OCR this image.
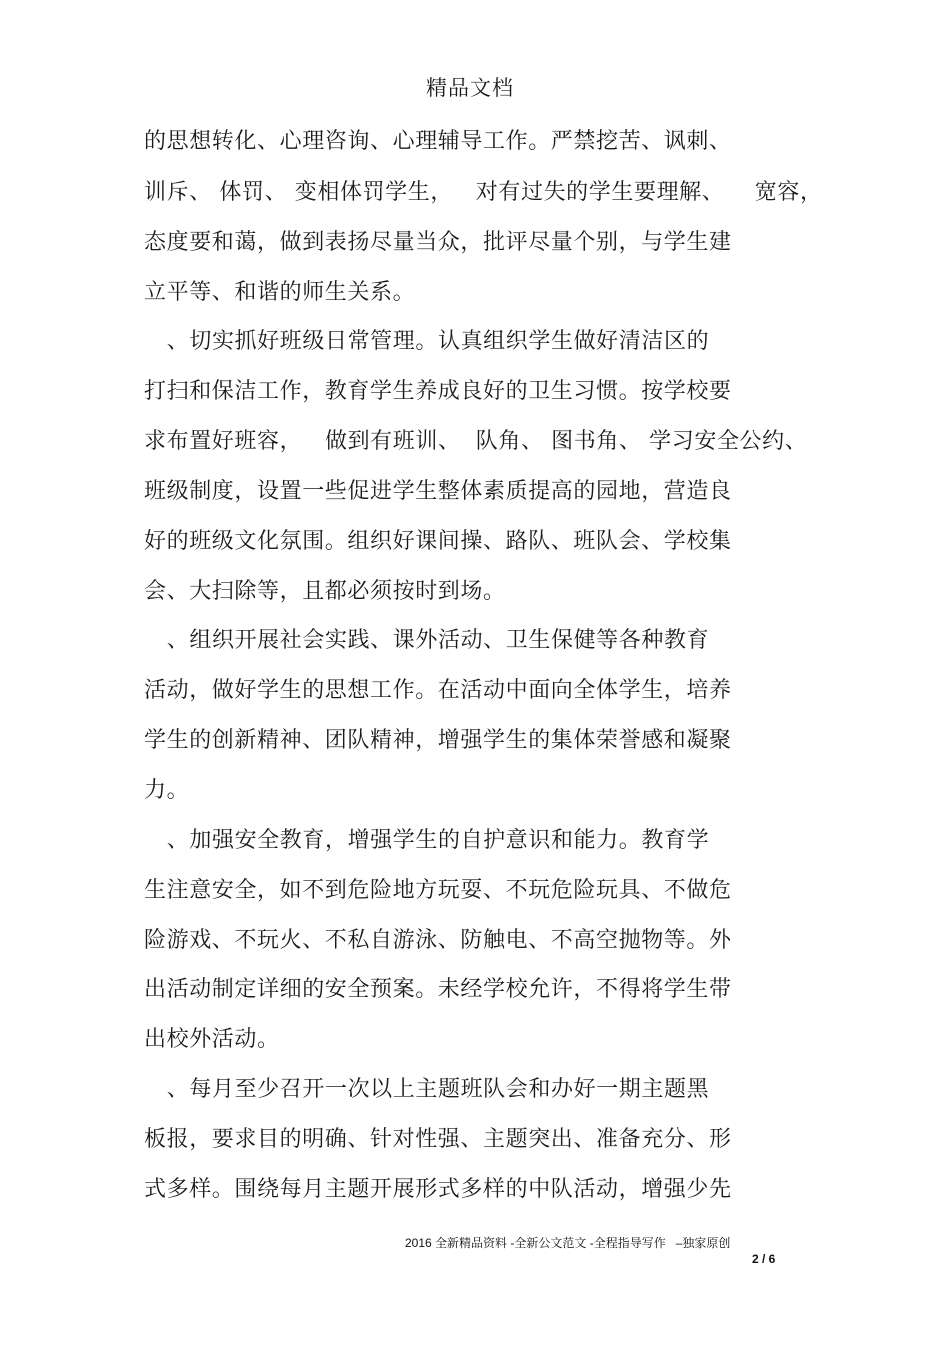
精品文档
的思想转化、心理咨询、心理辅导工作。严禁挖苦、讽刺、
训斥、 体罚、 变相体罚学生，   对有过失的学生要理解、    宽容，
态度要和蔼，做到表扬尽量当众，批评尽量个别，与学生建
立平等、和谐的师生关系。
、切实抓好班级日常管理。认真组织学生做好清洁区的
打扫和保洁工作，教育学生养成良好的卫生习惯。按学校要
求布置好班容，   做到有班训、  队角、 图书角、 学习安全公约、
班级制度，设置一些促进学生整体素质提高的园地，营造良
好的班级文化氛围。组织好课间操、路队、班队会、学校集
会、大扫除等，且都必须按时到场。
、组织开展社会实践、课外活动、卫生保健等各种教育
活动，做好学生的思想工作。在活动中面向全体学生，培养
学生的创新精神、团队精神，增强学生的集体荣誉感和凝聚
力。
、加强安全教育，增强学生的自护意识和能力。教育学
生注意安全，如不到危险地方玩耍、不玩危险玩具、不做危
险游戏、不玩火、不私自游泳、防触电、不高空抛物等。外
出活动制定详细的安全预案。未经学校允许，不得将学生带
出校外活动。
、每月至少召开一次以上主题班队会和办好一期主题黑
板报，要求目的明确、针对性强、主题突出、准备充分、形
式多样。围绕每月主题开展形式多样的中队活动，增强少先
2016 全新精品资料 -全新公文范文 -全程指导写作   –独家原创
2 / 6
